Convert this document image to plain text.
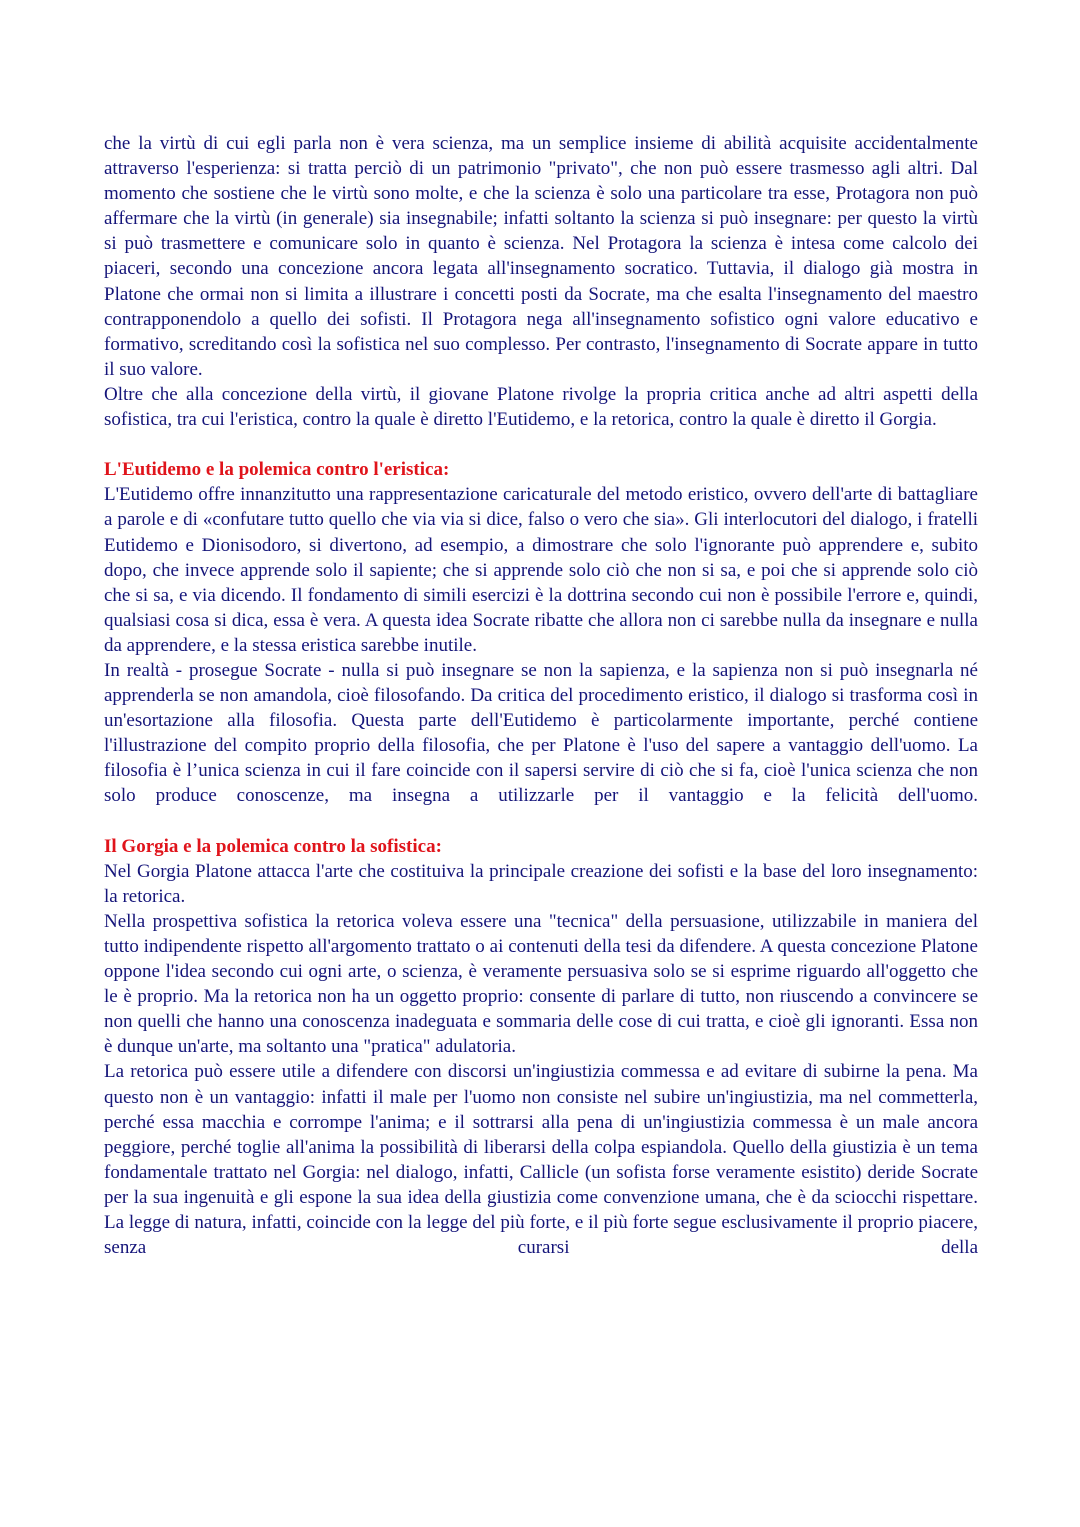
che la virtù di cui egli parla non è vera scienza, ma un semplice insieme di abilità acquisite accidentalmente attraverso l'esperienza: si tratta perciò di un patrimonio "privato", che non può essere trasmesso agli altri. Dal momento che sostiene che le virtù sono molte, e che la scienza è solo una particolare tra esse, Protagora non può affermare che la virtù (in generale) sia insegnabile; infatti soltanto la scienza si può insegnare: per questo la virtù si può trasmettere e comunicare solo in quanto è scienza. Nel Protagora la scienza è intesa come calcolo dei piaceri, secondo una concezione ancora legata all'insegnamento socratico. Tuttavia, il dialogo già mostra in Platone che ormai non si limita a illustrare i concetti posti da Socrate, ma che esalta l'insegnamento del maestro contrapponendolo a quello dei sofisti. Il Protagora nega all'insegnamento sofistico ogni valore educativo e formativo, screditando così la sofistica nel suo complesso. Per contrasto, l'insegnamento di Socrate appare in tutto il suo valore.

Oltre che alla concezione della virtù, il giovane Platone rivolge la propria critica anche ad altri aspetti della sofistica, tra cui l'eristica, contro la quale è diretto l'Eutidemo, e la retorica, contro la quale è diretto il Gorgia.

L'Eutidemo e la polemica contro l'eristica:

L'Eutidemo offre innanzitutto una rappresentazione caricaturale del metodo eristico, ovvero dell'arte di battagliare a parole e di «confutare tutto quello che via via si dice, falso o vero che sia». Gli interlocutori del dialogo, i fratelli Eutidemo e Dionisodoro, si divertono, ad esempio, a dimostrare che solo l'ignorante può apprendere e, subito dopo, che invece apprende solo il sapiente; che si apprende solo ciò che non si sa, e poi che si apprende solo ciò che si sa, e via dicendo. Il fondamento di simili esercizi è la dottrina secondo cui non è possibile l'errore e, quindi, qualsiasi cosa si dica, essa è vera. A questa idea Socrate ribatte che allora non ci sarebbe nulla da insegnare e nulla da apprendere, e la stessa eristica sarebbe inutile.

In realtà - prosegue Socrate - nulla si può insegnare se non la sapienza, e la sapienza non si può insegnarla né apprenderla se non amandola, cioè filosofando. Da critica del procedimento eristico, il dialogo si trasforma così in un'esortazione alla filosofia. Questa parte dell'Eutidemo è particolarmente importante, perché contiene l'illustrazione del compito proprio della filosofia, che per Platone è l'uso del sapere a vantaggio dell'uomo. La filosofia è l’unica scienza in cui il fare coincide con il sapersi servire di ciò che si fa, cioè l'unica scienza che non solo produce conoscenze, ma insegna a utilizzarle per il vantaggio e la felicità dell'uomo.

Il Gorgia e la polemica contro la sofistica:

Nel Gorgia Platone attacca l'arte che costituiva la principale creazione dei sofisti e la base del loro insegnamento: la retorica.

Nella prospettiva sofistica la retorica voleva essere una "tecnica" della persuasione, utilizzabile in maniera del tutto indipendente rispetto all'argomento trattato o ai contenuti della tesi da difendere. A questa concezione Platone oppone l'idea secondo cui ogni arte, o scienza, è veramente persuasiva solo se si esprime riguardo all'oggetto che le è proprio. Ma la retorica non ha un oggetto proprio: consente di parlare di tutto, non riuscendo a convincere se non quelli che hanno una conoscenza inadeguata e sommaria delle cose di cui tratta, e cioè gli ignoranti. Essa non è dunque un'arte, ma soltanto una "pratica" adulatoria.

La retorica può essere utile a difendere con discorsi un'ingiustizia commessa e ad evitare di subirne la pena. Ma questo non è un vantaggio: infatti il male per l'uomo non consiste nel subire un'ingiustizia, ma nel commetterla, perché essa macchia e corrompe l'anima; e il sottrarsi alla pena di un'ingiustizia commessa è un male ancora peggiore, perché toglie all'anima la possibilità di liberarsi della colpa espiandola. Quello della giustizia è un tema fondamentale trattato nel Gorgia: nel dialogo, infatti, Callicle (un sofista forse veramente esistito) deride Socrate per la sua ingenuità e gli espone la sua idea della giustizia come convenzione umana, che è da sciocchi rispettare. La legge di natura, infatti, coincide con la legge del più forte, e il più forte segue esclusivamente il proprio piacere, senza curarsi della
